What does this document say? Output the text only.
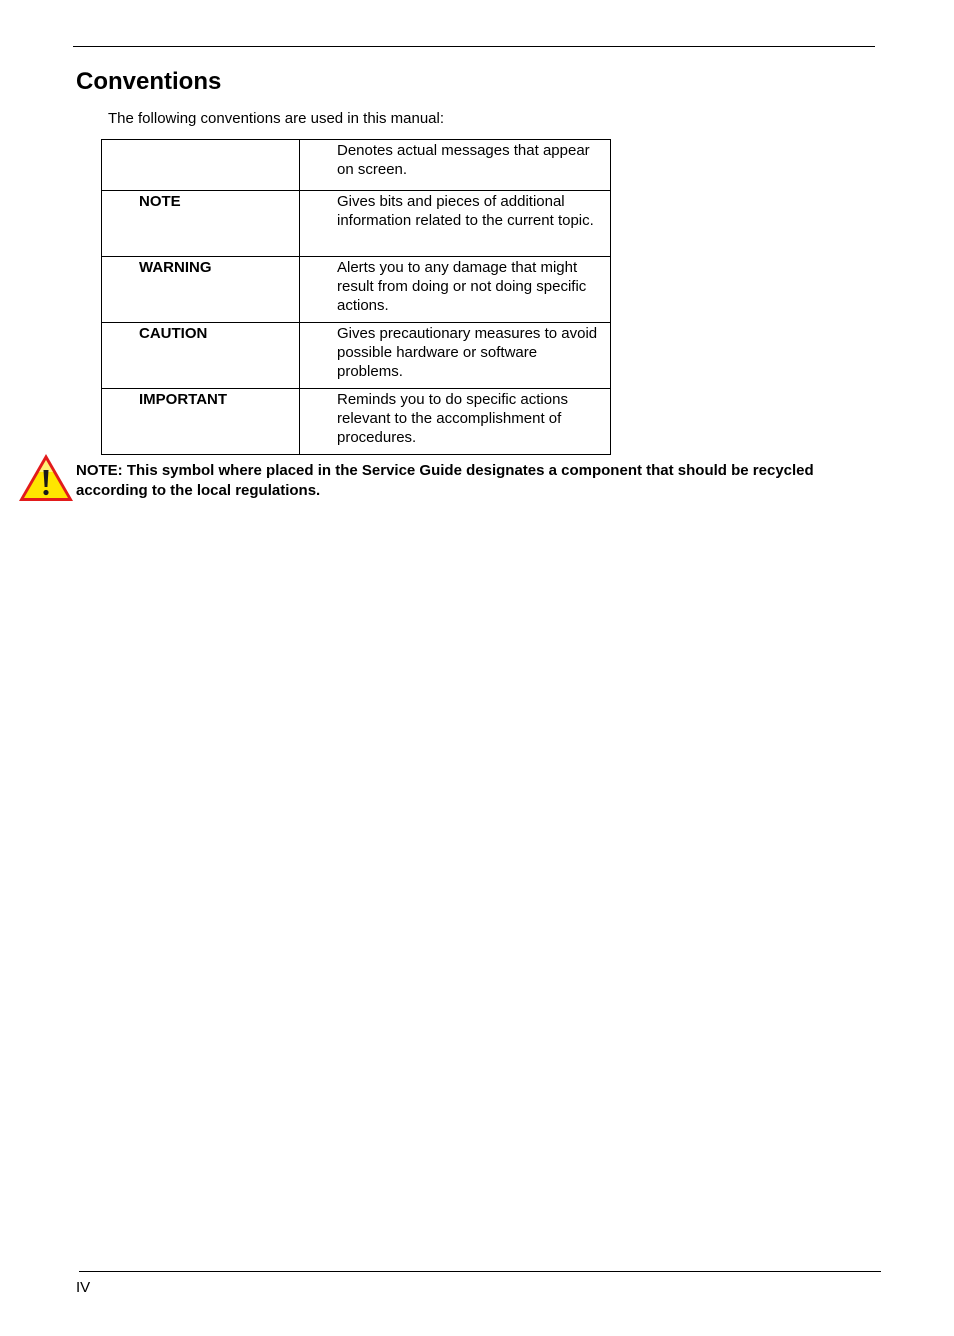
Conventions

The following conventions are used in this manual:

	Denotes actual messages that appear on screen.

NOTE	Gives bits and pieces of additional information related to the current topic.

WARNING	Alerts you to any damage that might result from doing or not doing specific actions.

CAUTION	Gives precautionary measures to avoid possible hardware or software problems.

IMPORTANT	Reminds you to do specific actions relevant to the accomplishment of procedures.

NOTE: This symbol where placed in the Service Guide designates a component that should be recycled according to the local regulations.

IV
